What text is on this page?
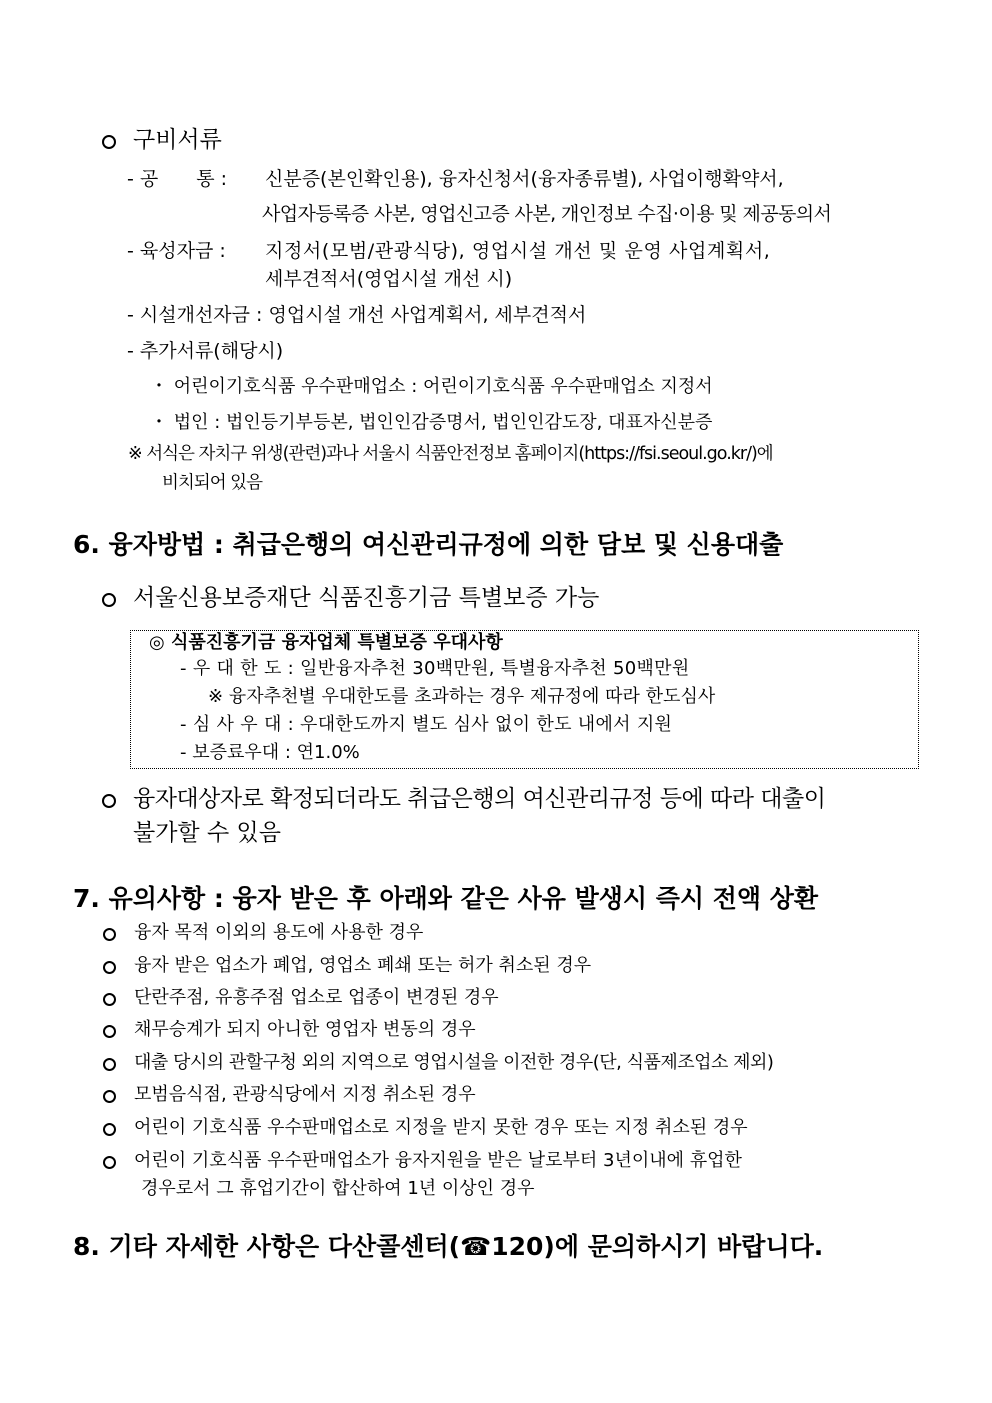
구비서류
- 공　　통 : 신분증(본인확인용), 융자신청서(융자종류별), 사업이행확약서,
사업자등록증 사본, 영업신고증 사본, 개인정보 수집·이용 및 제공동의서
- 육성자금 : 지정서(모범/관광식당), 영업시설 개선 및 운영 사업계획서,
세부견적서(영업시설 개선 시)
- 시설개선자금 : 영업시설 개선 사업계획서, 세부견적서
- 추가서류(해당시)
・ 어린이기호식품 우수판매업소 : 어린이기호식품 우수판매업소 지정서
・ 법인 : 법인등기부등본, 법인인감증명서, 법인인감도장, 대표자신분증
※ 서식은 자치구 위생(관련)과나 서울시 식품안전정보 홈페이지(https://fsi.seoul.go.kr/)에
비치되어 있음
6. 융자방법 : 취급은행의 여신관리규정에 의한 담보 및 신용대출
서울신용보증재단 식품진흥기금 특별보증 가능
◎ 식품진흥기금 융자업체 특별보증 우대사항
- 우 대 한 도 : 일반융자추천 30백만원, 특별융자추천 50백만원
※ 융자추천별 우대한도를 초과하는 경우 제규정에 따라 한도심사
- 심 사 우 대 : 우대한도까지 별도 심사 없이 한도 내에서 지원
- 보증료우대 : 연1.0%
융자대상자로 확정되더라도 취급은행의 여신관리규정 등에 따라 대출이
불가할 수 있음
7. 유의사항 : 융자 받은 후 아래와 같은 사유 발생시 즉시 전액 상환
융자 목적 이외의 용도에 사용한 경우
융자 받은 업소가 폐업, 영업소 폐쇄 또는 허가 취소된 경우
단란주점, 유흥주점 업소로 업종이 변경된 경우
채무승계가 되지 아니한 영업자 변동의 경우
대출 당시의 관할구청 외의 지역으로 영업시설을 이전한 경우(단, 식품제조업소 제외)
모범음식점, 관광식당에서 지정 취소된 경우
어린이 기호식품 우수판매업소로 지정을 받지 못한 경우 또는 지정 취소된 경우
어린이 기호식품 우수판매업소가 융자지원을 받은 날로부터 3년이내에 휴업한
경우로서 그 휴업기간이 합산하여 1년 이상인 경우
8. 기타 자세한 사항은 다산콜센터(☎120)에 문의하시기 바랍니다.
